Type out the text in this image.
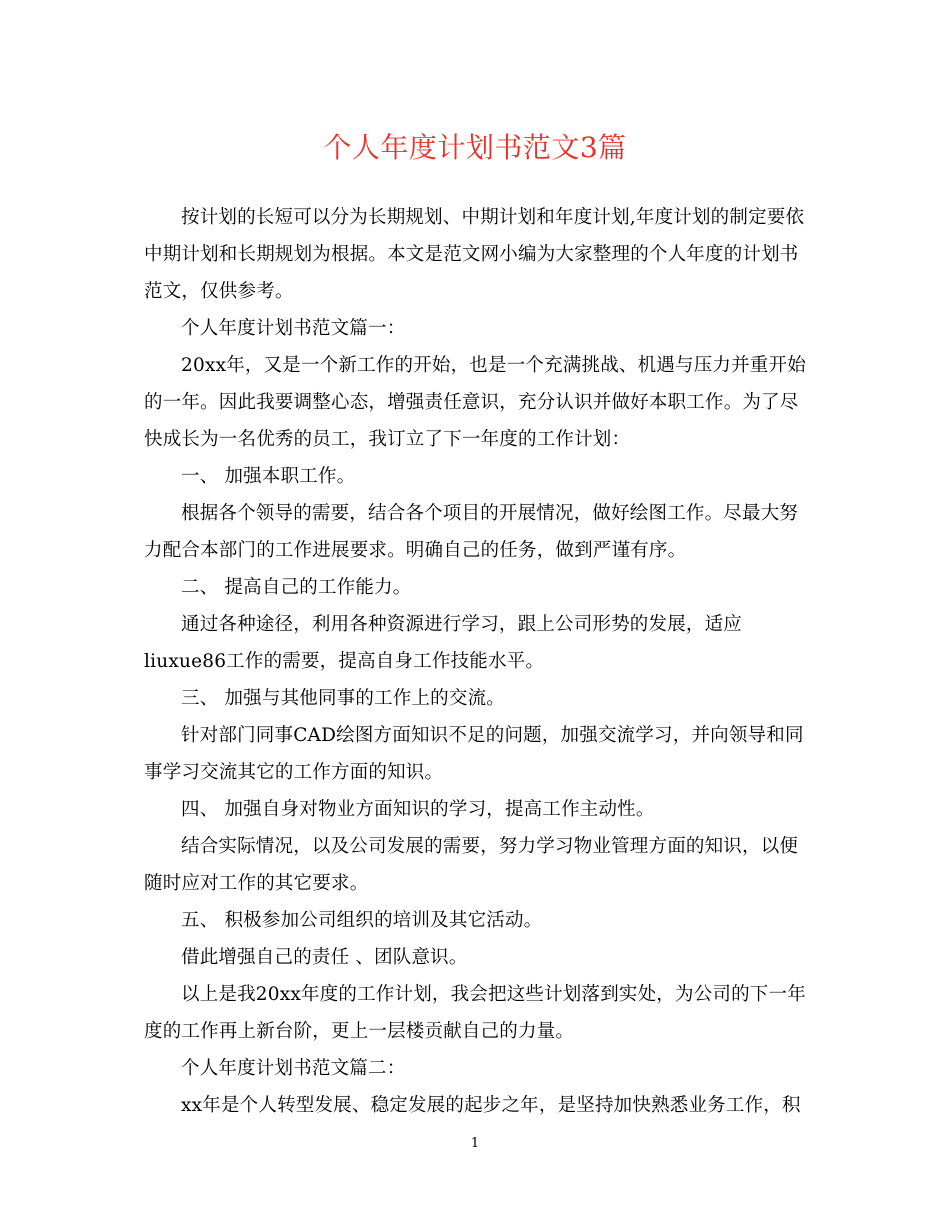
个人年度计划书范文3篇
按计划的长短可以分为长期规划、中期计划和年度计划,年度计划的制定要依
中期计划和长期规划为根据。本文是范文网小编为大家整理的个人年度的计划书
范文，仅供参考。
个人年度计划书范文篇一：
20xx年，又是一个新工作的开始，也是一个充满挑战、机遇与压力并重开始
的一年。因此我要调整心态，增强责任意识，充分认识并做好本职工作。为了尽
快成长为一名优秀的员工，我订立了下一年度的工作计划：
一、 加强本职工作。
根据各个领导的需要，结合各个项目的开展情况，做好绘图工作。尽最大努
力配合本部门的工作进展要求。明确自己的任务，做到严谨有序。
二、 提高自己的工作能力。
通过各种途径，利用各种资源进行学习，跟上公司形势的发展，适应
liuxue86工作的需要，提高自身工作技能水平。
三、 加强与其他同事的工作上的交流。
针对部门同事CAD绘图方面知识不足的问题，加强交流学习，并向领导和同
事学习交流其它的工作方面的知识。
四、 加强自身对物业方面知识的学习，提高工作主动性。
结合实际情况，以及公司发展的需要，努力学习物业管理方面的知识，以便
随时应对工作的其它要求。
五、 积极参加公司组织的培训及其它活动。
借此增强自己的责任 、团队意识。
以上是我20xx年度的工作计划，我会把这些计划落到实处，为公司的下一年
度的工作再上新台阶，更上一层楼贡献自己的力量。
个人年度计划书范文篇二：
xx年是个人转型发展、稳定发展的起步之年，是坚持加快熟悉业务工作，积
1
